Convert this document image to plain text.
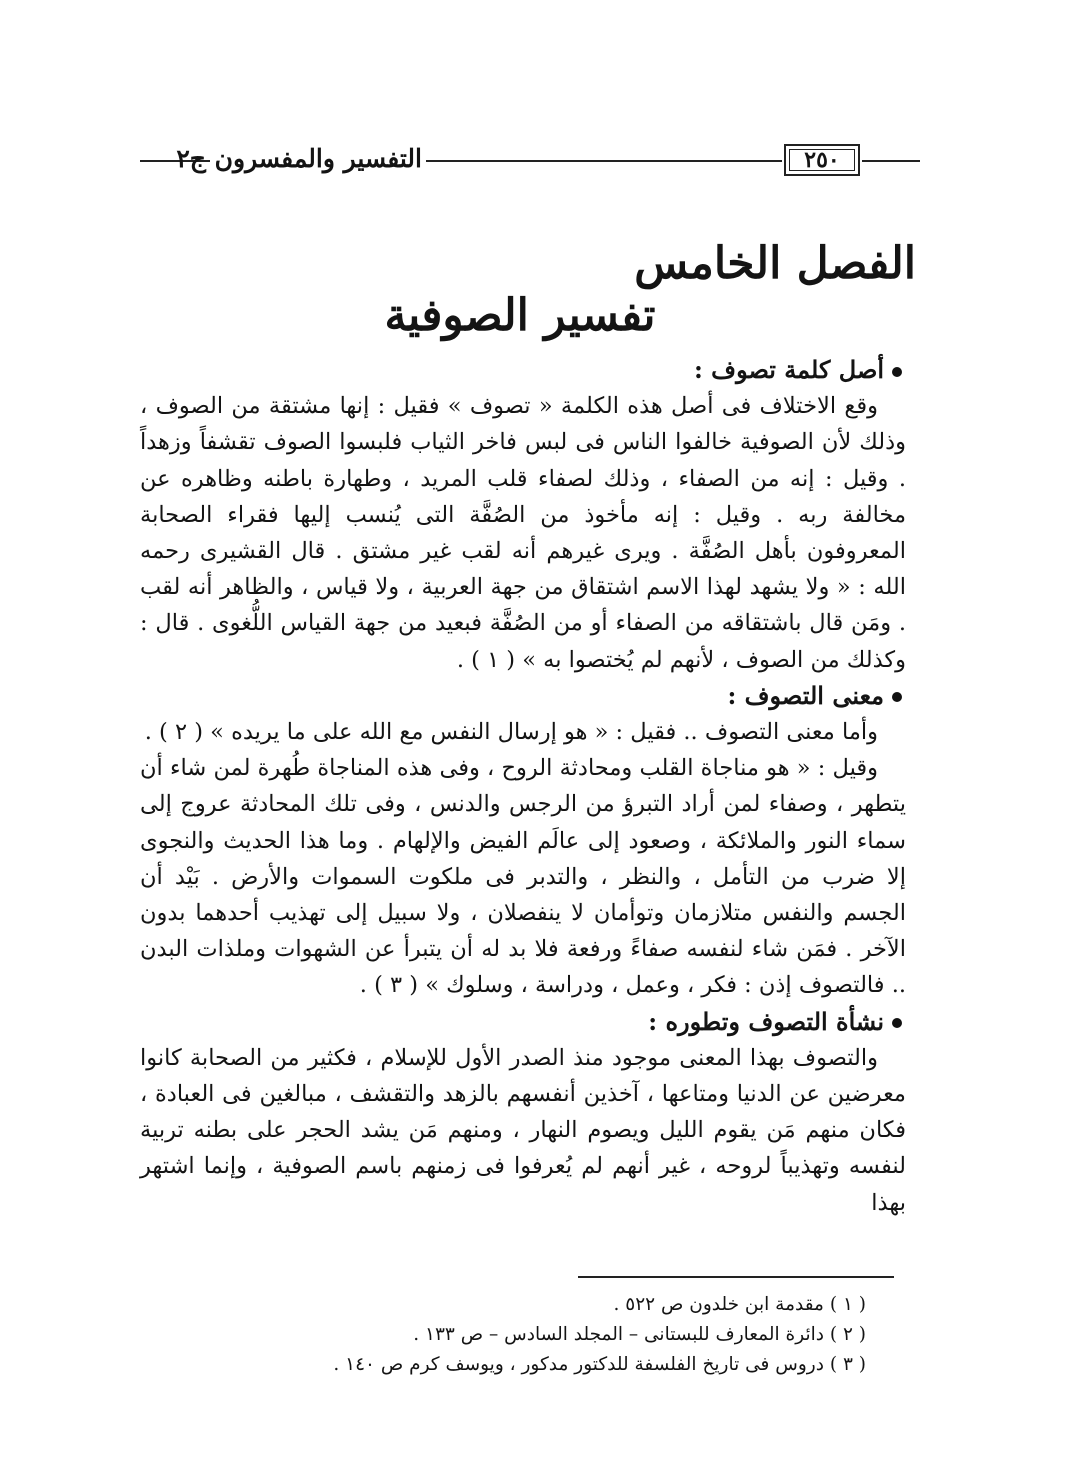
التفسير والمفسرون ج٢	٢٥٠
الفصل الخامس
تفسير الصوفية
أصل كلمة تصوف :

وقع الاختلاف فى أصل هذه الكلمة « تصوف » فقيل : إنها مشتقة من الصوف ، وذلك لأن الصوفية خالفوا الناس فى لبس فاخر الثياب فلبسوا الصوف تقشفاً وزهداً . وقيل : إنه من الصفاء ، وذلك لصفاء قلب المريد ، وطهارة باطنه وظاهره عن مخالفة ربه . وقيل : إنه مأخوذ من الصُفَّة التى يُنسب إليها فقراء الصحابة المعروفون بأهل الصُفَّة . ويرى غيرهم أنه لقب غير مشتق . قال القشيرى رحمه الله : « ولا يشهد لهذا الاسم اشتقاق من جهة العربية ، ولا قياس ، والظاهر أنه لقب . ومَن قال باشتقاقه من الصفاء أو من الصُفَّة فبعيد من جهة القياس اللُّغوى . قال : وكذلك من الصوف ، لأنهم لم يُختصوا به » ( ١ ) .

معنى التصوف :

وأما معنى التصوف .. فقيل : « هو إرسال النفس مع الله على ما يريده » ( ٢ ) .

وقيل : « هو مناجاة القلب ومحادثة الروح ، وفى هذه المناجاة طُهرة لمن شاء أن يتطهر ، وصفاء لمن أراد التبرؤ من الرجس والدنس ، وفى تلك المحادثة عروج إلى سماء النور والملائكة ، وصعود إلى عالَم الفيض والإلهام . وما هذا الحديث والنجوى إلا ضرب من التأمل ، والنظر ، والتدبر فى ملكوت السموات والأرض . بَيْد أن الجسم والنفس متلازمان وتوأمان لا ينفصلان ، ولا سبيل إلى تهذيب أحدهما بدون الآخر . فمَن شاء لنفسه صفاءً ورفعة فلا بد له أن يتبرأ عن الشهوات وملذات البدن .. فالتصوف إذن : فكر ، وعمل ، ودراسة ، وسلوك » ( ٣ ) .

نشأة التصوف وتطوره :

والتصوف بهذا المعنى موجود منذ الصدر الأول للإسلام ، فكثير من الصحابة كانوا معرضين عن الدنيا ومتاعها ، آخذين أنفسهم بالزهد والتقشف ، مبالغين فى العبادة ، فكان منهم مَن يقوم الليل ويصوم النهار ، ومنهم مَن يشد الحجر على بطنه تربية لنفسه وتهذيباً لروحه ، غير أنهم لم يُعرفوا فى زمنهم باسم الصوفية ، وإنما اشتهر بهذا

( ١ ) مقدمة ابن خلدون ص ٥٢٢ .

( ٢ ) دائرة المعارف للبستانى – المجلد السادس – ص ١٣٣ .

( ٣ ) دروس فى تاريخ الفلسفة للدكتور مدكور ، ويوسف كرم ص ١٤٠ .
